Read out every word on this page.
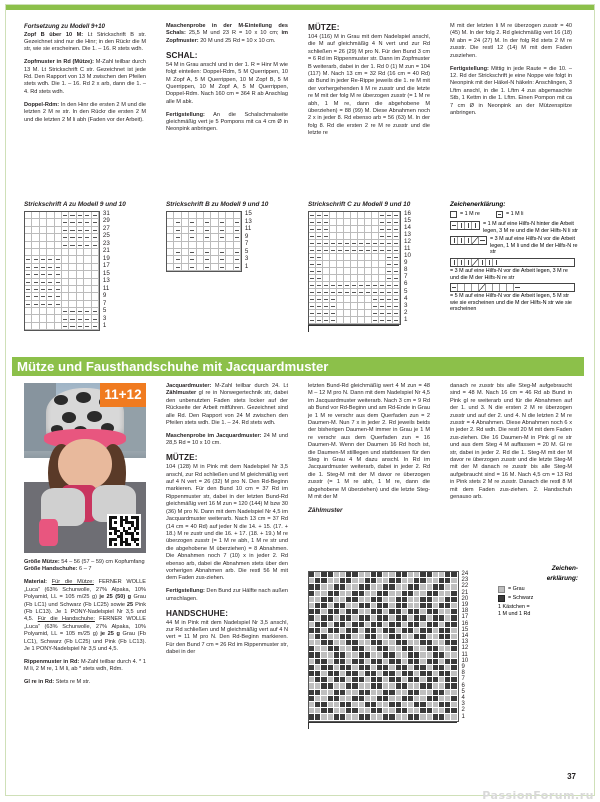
Fortsetzung zu Modell 9+10

Zopf B über 10 M: Lt Strickschrift B str. Gezeichnet sind nur die Hinr; in den Rückr die M str, wie sie erscheinen. Die 1. – 16. R stets wdh.

Zopfmuster in Rd (Mütze): M-Zahl teilbar durch 13 M. Lt Strickschrift C str. Gezeichnet ist jede Rd. Den Rapport von 13 M zwischen den Pfeilen stets wdh. Die 1. – 16. Rd 2 x arb, dann die 1. – 4. Rd stets wdh.

Doppel-Rdm: In den Hinr die ersten 2 M und die letzten 2 M re str. In den Rückr die ersten 2 M und die letzten 2 M li abh (Faden vor der Arbeit).

Maschenprobe in der M-Einteilung des Schals: 25,5 M und 23 R = 10 x 10 cm; im Zopfmuster: 20 M und 25 Rd = 10 x 10 cm.

SCHAL:

54 M in Grau anschl und in der 1. R = Hinr M wie folgt einteilen: Doppel-Rdm, 5 M Querrippen, 10 M Zopf A, 5 M Querrippen, 10 M Zopf B, 5 M Querrippen, 10 M Zopf A, 5 M Querrippen, Doppel-Rdm. Nach 160 cm = 364 R ab Anschlag alle M abk.

Fertigstellung: An die Schalschmalseite gleichmäßig vert je 5 Pompons mit ca 4 cm Ø in Neonpink anbringen.

MÜTZE:

104 (116) M in Grau mit dem Nadelspiel anschl, die M auf gleichmäßig 4 N vert und zur Rd schließen = 26 (29) M pro N. Für den Bund 3 cm = 6 Rd im Rippenmuster str. Dann im Zopfmuster B weiterarb, dabei in der 1. Rd 0 (1) M zun = 104 (117) M. Nach 13 cm = 32 Rd (16 cm = 40 Rd) ab Bund in jeder Re-Rippe jeweils die 1. re M mit der vorhergehenden li M re zusstr und die letzte re M mit der folg M re überzogen zusstr (= 1 M re abh, 1 M re, dann die abgehobene M überziehen) = 88 (99) M. Diese Abnahmen noch 2 x in jeder 8. Rd ebenso arb = 56 (63) M. In der folg 8. Rd die ersten 2 re M re zusstr und die letzte re

M mit der letzten li M re überzogen zusstr = 40 (45) M. In der folg 2. Rd gleichmäßig vert 16 (18) M abn = 24 (27) M. In der folg Rd stets 2 M re zusstr. Die restl 12 (14) M mit dem Faden zusziehen.

Fertigstellung: Mittig in jede Raute = die 10. – 12. Rd der Strickschrift je eine Noppe wie folgt in Neonpink mit der Häkel-N häkeln: Anschlingen, 3 Lftm anschl, in die 1. Lftm 4 zus abgemaschte Stb, 1 Kettm in die 1. Lftm. Einen Pompon mit ca 7 cm Ø in Neonpink an der Mützenspitze anbringen.

Strickschrift A zu Modell 9 und 10
31
29
27
25
23
21
19
17
15
13
11
9
7
5
3
1
Strickschrift B zu Modell 9 und 10
15
13
11
9
7
5
3
1
Strickschrift C zu Modell 9 und 10
16
15
14
13
12
11
10
9
8
7
6
5
4
3
2
1
Zeichenerklärung:
= 1 M re	= 1 M li
= 1 M auf eine Hilfs-N hinter die Arbeit legen, 3 M re und die M der Hilfs-N li str
= 3 M auf eine Hilfs-N vor die Arbeit legen, 1 M li und die M der Hilfs-N re str
= 3 M auf eine Hilfs-N vor die Arbeit legen, 3 M re und die M der Hilfs-N re str
= 5 M auf eine Hilfs-N vor die Arbeit legen, 5 M str wie sie erscheinen und die M der Hilfs-N str wie sie erscheinen
Mütze und Fausthandschuhe mit Jacquardmuster
11+12

Größe Mütze: 54 – 56 (57 – 59) cm Kopfumfang

Größe Handschuhe: 6 – 7

Material: Für die Mütze: FERNER WOLLE „Luca“ (63% Schurwolle, 27% Alpaka, 10% Polyamid, LL = 105 m/25 g) je 25 (50) g Grau (Fb LC1) und Schwarz (Fb LC25) sowie 25 Pink (Fb LC13). Je 1 PONY-Nadelspiel Nr 3,5 und 4,5. Für die Handschuhe: FERNER WOLLE „Luca“ (63% Schurwolle, 27% Alpaka, 10% Polyamid, LL = 105 m/25 g) je 25 g Grau (Fb LC1), Schwarz (Fb LC25) und Pink (Fb LC13). Je 1 PONY-Nadelspiel Nr 3,5 und 4,5.

Rippenmuster in Rd: M-Zahl teilbar durch 4. * 1 M li, 2 M re, 1 M li, ab * stets wdh, Rdm.

Gl re in Rd: Stets re M str.

Jacquardmuster: M-Zahl teilbar durch 24. Lt Zählmuster gl re in Norwegertechnik str, dabei den unbenutzten Faden stets locker auf der Rückseite der Arbeit mitführen. Gezeichnet sind alle Rd. Den Rapport von 24 M zwischen den Pfeilen stets wdh. Die 1. – 24. Rd stets wdh.

Maschenprobe im Jacquardmuster: 24 M und 28,5 Rd = 10 x 10 cm.

MÜTZE:

104 (128) M in Pink mit dem Nadelspiel Nr 3,5 anschl, zur Rd schließen und M gleichmäßig vert auf 4 N vert = 26 (32) M pro N. Den Rd-Beginn markieren. Für den Bund 10 cm = 37 Rd im Rippenmuster str, dabei in der letzten Bund-Rd gleichmäßig vert 16 M zun = 120 (144) M bzw 30 (36) M pro N. Dann mit dem Nadelspiel Nr 4,5 im Jacquardmuster weiterarb. Nach 13 cm = 37 Rd (14 cm = 40 Rd) auf jeder N die 14. + 15. (17. + 18.) M re zustr und die 16. + 17. (18. + 19.) M re überzogen zusstr (= 1 M re abh, 1 M re str und die abgehobene M überziehen) = 8 Abnahmen. Die Abnahmen noch 7 (10) x in jeder 2. Rd ebenso arb, dabei die Abnahmen stets über den vorherigen Abnahmen arb. Die restl 56 M mit dem Faden zus-ziehen.

Fertigstellung: Den Bund zur Hälfte nach außen umschlagen.

HANDSCHUHE:

44 M in Pink mit dem Nadelspiel Nr 3,5 anschl, zur Rd schließen und M gleichmäßig vert auf 4 N vert = 11 M pro N. Den Rd-Beginn markieren. Für den Bund 7 cm = 26 Rd im Rippenmuster str, dabei in der

letzten Bund-Rd gleichmäßig wert 4 M zun = 48 M – 12 M pro N. Dann mit dem Nadelspiel Nr 4,5 im Jacquardmuster weiterarb. Nach 3 cm = 9 Rd ab Bund vor Rd-Beginn und am Rd-Ende in Grau je 1 M re verschr aus dem Querfaden zun = 2 Daumen-M. Nun 7 x in jeder 2. Rd jeweils beids der bisherigen Daumen-M immer in Grau je 1 M re verschr aus dem Querfaden zun = 16 Daumen-M. Wenn der Daumen 16 Rd hoch ist, die Daumen-M stilllegen und stattdessen für den Steg in Grau 4 M dazu anschl. In Rd im Jacquardmuster weiterarb, dabei in jeder 2. Rd die 1. Steg-M mit der M davor re überzogen zusstr (= 1 M re abh, 1 M re, dann die abgehobene M überziehen) und die letzte Steg-M mit der M

Zählmuster

danach re zusstr bis alle Steg-M aufgebraucht sind = 48 M. Nach 16 cm = 46 Rd ab Bund in Pink gl re weiterarb und für die Abnahmen auf der 1. und 3. N die ersten 2 M re überzogen zusstr und auf der 2. und 4. N die letzten 2 M re zusstr = 4 Abnahmen. Diese Abnahmen noch 6 x in jeder 2. Rd wdh. Die restl 20 M mit dem Faden zus-ziehen. Die 16 Daumen-M in Pink gl re str und aus dem Steg 4 M auffassen = 20 M. Gl re str, dabei in jeder 2. Rd die 1. Steg-M mit der M davor re überzogen zusstr und die letzte Steg-M mit der M danach re zusstr bis alle Steg-M aufgebraucht sind = 16 M. Nach 4,5 cm = 13 Rd in Pink stets 2 M re zusstr. Danach die restl 8 M mit dem Faden zus-ziehen. 2. Handschuh genauso arb.

24
23
22
21
20
19
18
17
16
15
14
13
12
11
10
9
8
7
6
5
4
3
2
1
Zeichen-
erklärung:
= Grau
= Schwarz
1 Kästchen =
1 M und 1 Rd
37
PassionForum.ru
